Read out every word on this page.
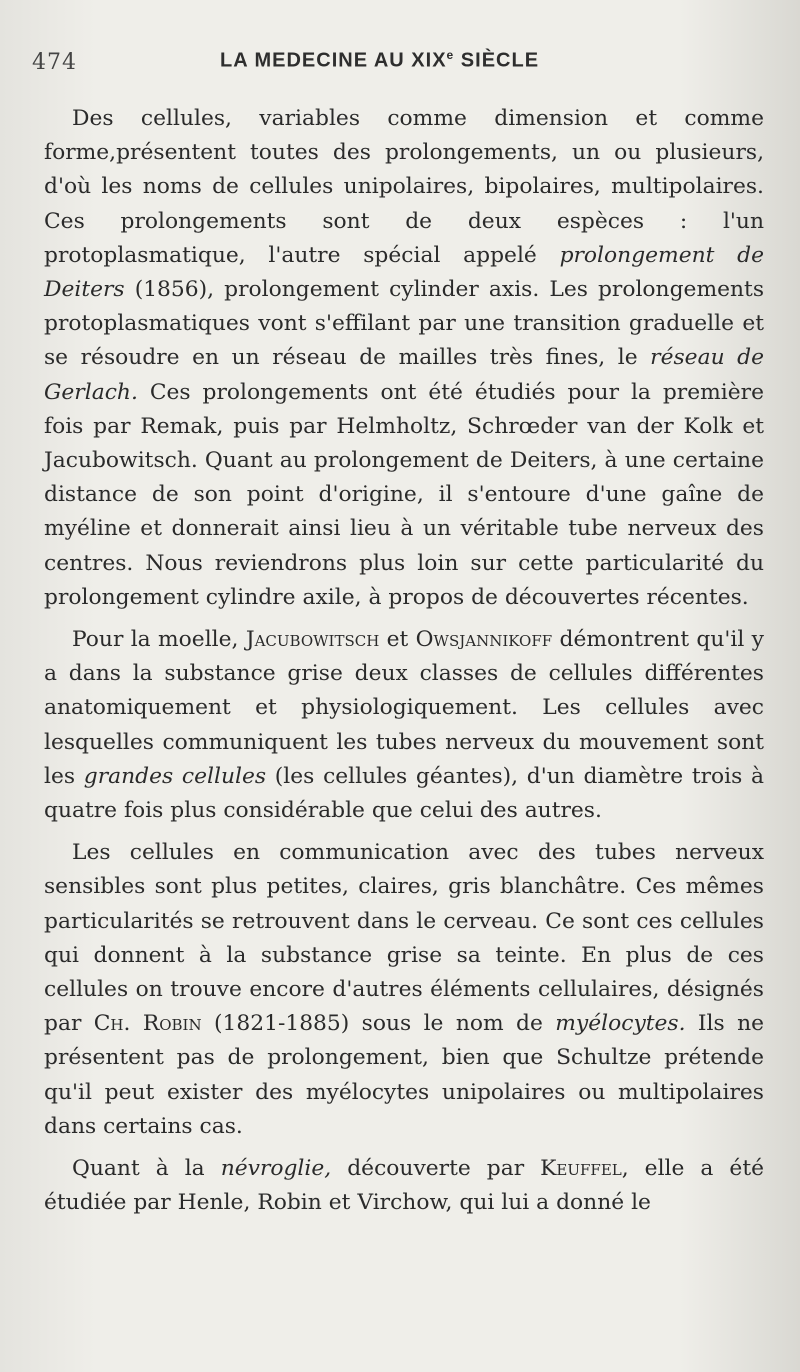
474	LA MEDECINE AU XIXe SIÈCLE

Des cellules, variables comme dimension et comme forme,présentent toutes des prolongements, un ou plusieurs, d'où les noms de cellules unipolaires, bipolaires, multipolaires. Ces prolongements sont de deux espèces : l'un protoplasmatique, l'autre spécial appelé prolongement de Deiters (1856), prolongement cylinder axis. Les prolongements protoplasmatiques vont s'effilant par une transition graduelle et se résoudre en un réseau de mailles très fines, le réseau de Gerlach. Ces prolongements ont été étudiés pour la première fois par Remak, puis par Helmholtz, Schrœder van der Kolk et Jacubowitsch. Quant au prolongement de Deiters, à une certaine distance de son point d'origine, il s'entoure d'une gaîne de myéline et donnerait ainsi lieu à un véritable tube nerveux des centres. Nous reviendrons plus loin sur cette particularité du prolongement cylindre axile, à propos de découvertes récentes.

Pour la moelle, Jacubowitsch et Owsjannikoff démontrent qu'il y a dans la substance grise deux classes de cellules différentes anatomiquement et physiologiquement. Les cellules avec lesquelles communiquent les tubes nerveux du mouvement sont les grandes cellules (les cellules géantes), d'un diamètre trois à quatre fois plus considérable que celui des autres.

Les cellules en communication avec des tubes nerveux sensibles sont plus petites, claires, gris blanchâtre. Ces mêmes particularités se retrouvent dans le cerveau. Ce sont ces cellules qui donnent à la substance grise sa teinte. En plus de ces cellules on trouve encore d'autres éléments cellulaires, désignés par Ch. Robin (1821-1885) sous le nom de myélocytes. Ils ne présentent pas de prolongement, bien que Schultze prétende qu'il peut exister des myélocytes unipolaires ou multipolaires dans certains cas.

Quant à la névroglie, découverte par Keuffel, elle a été étudiée par Henle, Robin et Virchow, qui lui a donné le
